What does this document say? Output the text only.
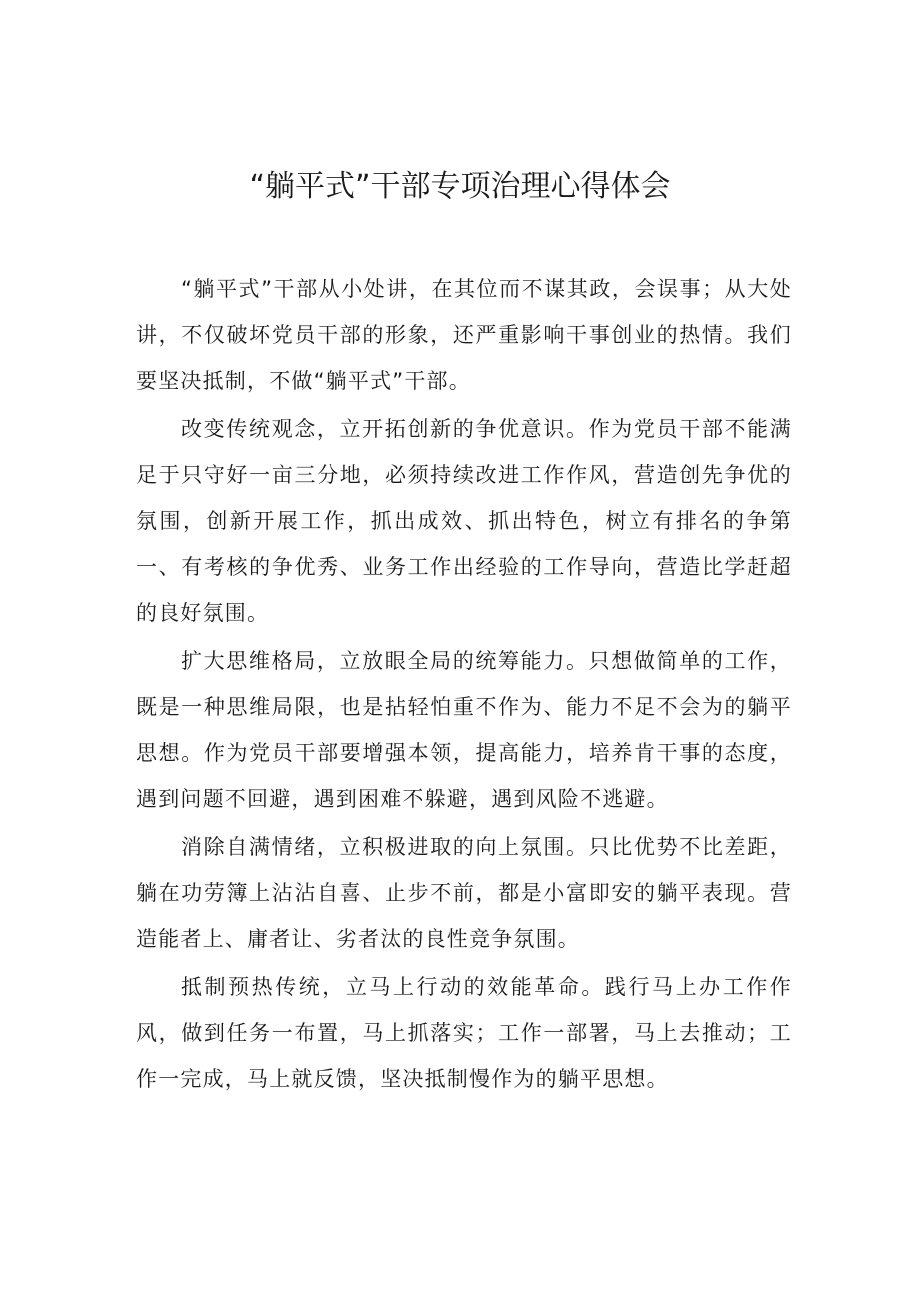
“躺平式”干部专项治理心得体会

“躺平式”干部从小处讲，在其位而不谋其政，会误事；从大处讲，不仅破坏党员干部的形象，还严重影响干事创业的热情。我们要坚决抵制，不做“躺平式”干部。

改变传统观念，立开拓创新的争优意识。作为党员干部不能满足于只守好一亩三分地，必须持续改进工作作风，营造创先争优的氛围，创新开展工作，抓出成效、抓出特色，树立有排名的争第一、有考核的争优秀、业务工作出经验的工作导向，营造比学赶超的良好氛围。

扩大思维格局，立放眼全局的统筹能力。只想做简单的工作，既是一种思维局限，也是拈轻怕重不作为、能力不足不会为的躺平思想。作为党员干部要增强本领，提高能力，培养肯干事的态度，遇到问题不回避，遇到困难不躲避，遇到风险不逃避。

消除自满情绪，立积极进取的向上氛围。只比优势不比差距，躺在功劳簿上沾沾自喜、止步不前，都是小富即安的躺平表现。营造能者上、庸者让、劣者汰的良性竞争氛围。

抵制预热传统，立马上行动的效能革命。践行马上办工作作风，做到任务一布置，马上抓落实；工作一部署，马上去推动；工作一完成，马上就反馈，坚决抵制慢作为的躺平思想。
